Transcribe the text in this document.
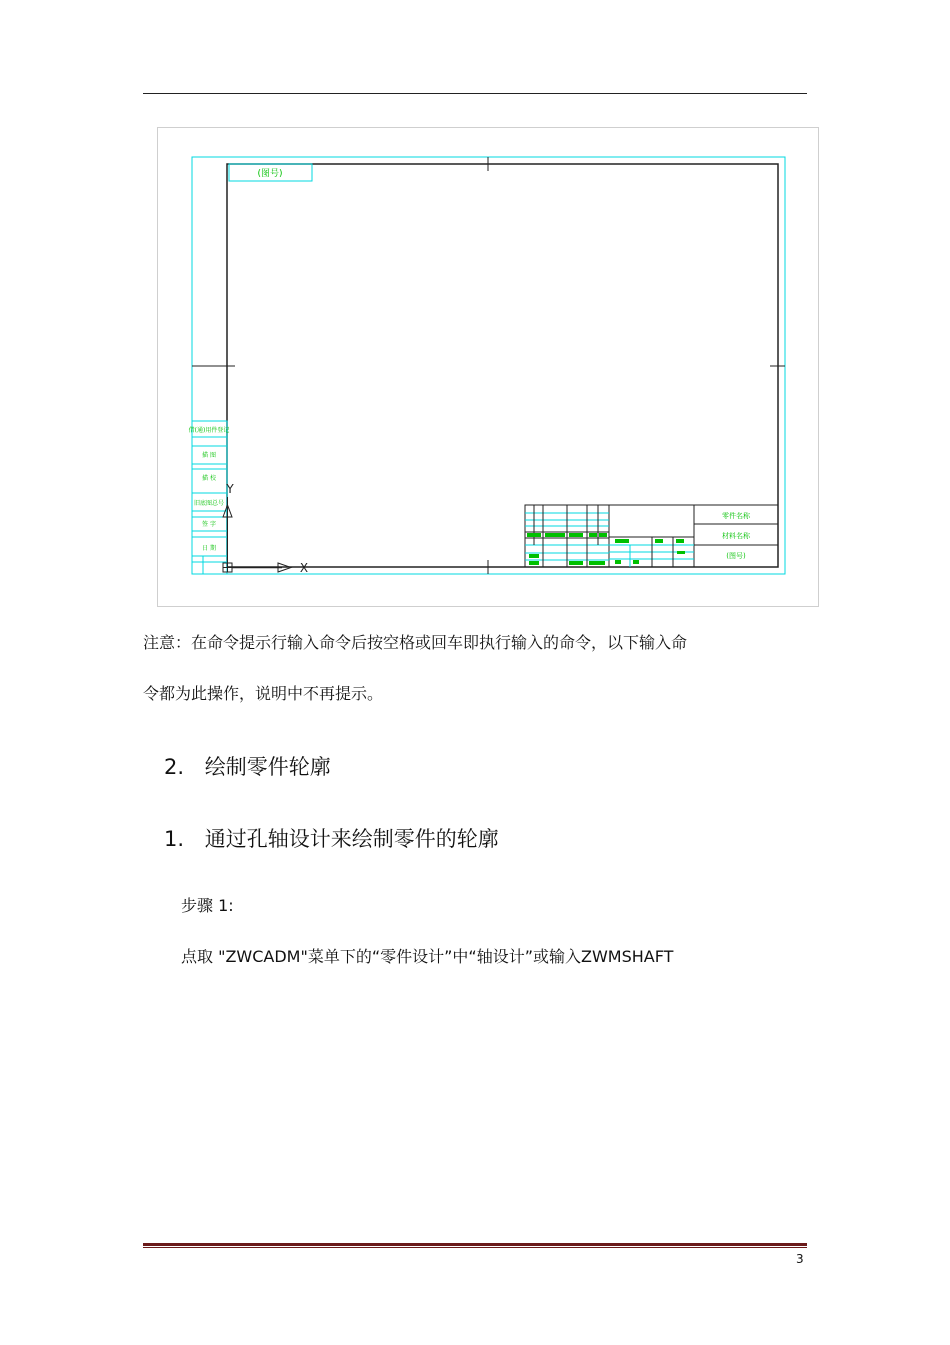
(图号)
借(通)用件登记
描 图
描 校
旧底图总号
签 字
日 期
零件名称
材料名称
(图号)
X
Y
注意：在命令提示行输入命令后按空格或回车即执行输入的命令，以下输入命
令都为此操作，说明中不再提示。
2. 绘制零件轮廓
1. 通过孔轴设计来绘制零件的轮廓
步骤 1:
点取 "ZWCADM"菜单下的“零件设计”中“轴设计”或输入ZWMSHAFT
3
